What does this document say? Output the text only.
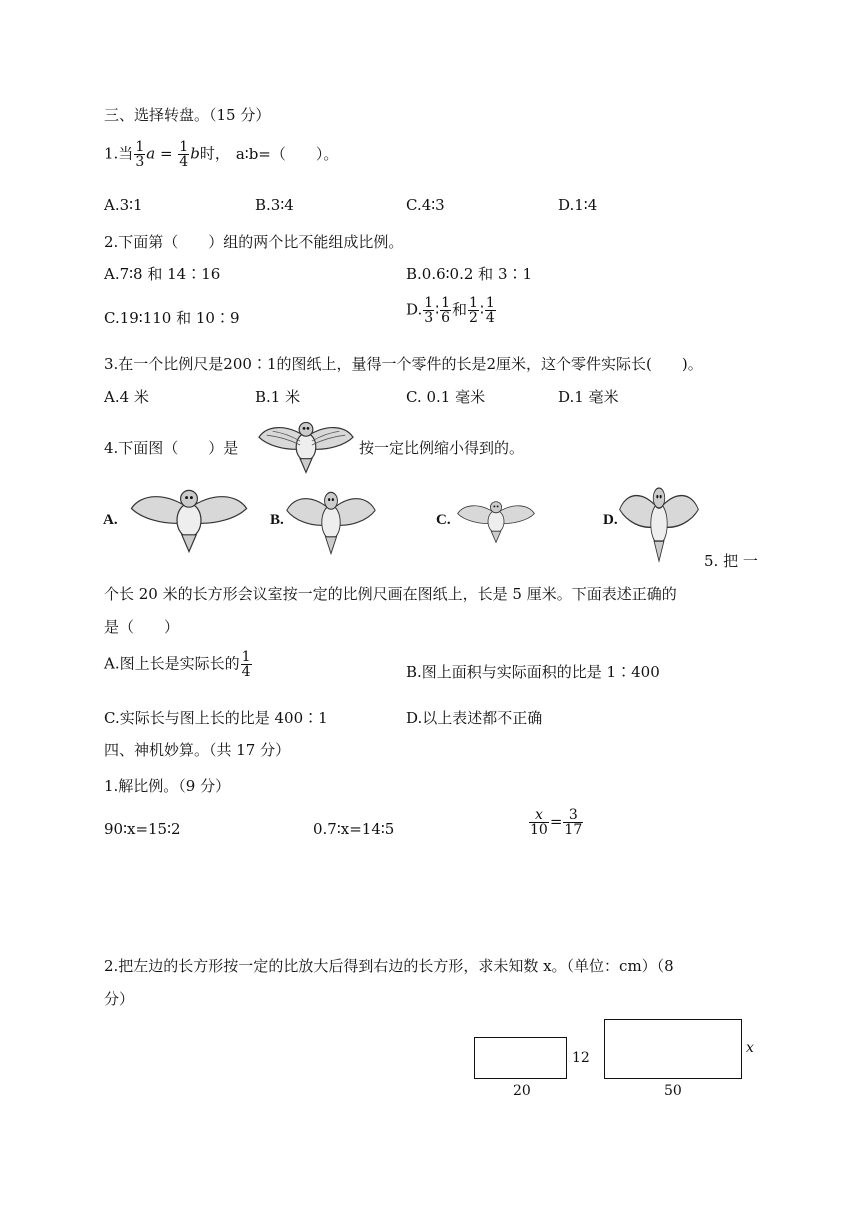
三、选择转盘。（15 分）
1.当 $\frac{1}{3}$ $a = \frac{1}{4}$ b时， a∶b=（　　）。
A.3∶1	B.3∶4	C.4∶3	D.1∶4
2.下面第（　　）组的两个比不能组成比例。
A.7∶8 和 14∶16	B.0.6∶0.2 和 3∶1
C.19∶110 和 10∶9	D. $\frac{1}{3}$ ∶ $\frac{1}{6}$ 和 $\frac{1}{2}$ ∶ $\frac{1}{4}$
3.在一个比例尺是200∶1的图纸上，量得一个零件的长是2厘米，这个零件实际长(　　)。
A.4 米	B.1 米	C. 0.1 毫米	D.1 毫米
4.下面图（　　）是	按一定比例缩小得到的。
A.	B.	C.	D.
5. 把 一
个长 20 米的长方形会议室按一定的比例尺画在图纸上，长是 5 厘米。下面表述正确的
是（　　）
A.图上长是实际长的 $\frac{1}{4}$	B.图上面积与实际面积的比是 1∶400
C.实际长与图上长的比是 400∶1	D.以上表述都不正确
四、神机妙算。（共 17 分）
1.解比例。（9 分）
90∶x=15∶2	0.7∶x=14∶5	$\frac{x}{10} = \frac{3}{17}$
2.把左边的长方形按一定的比放大后得到右边的长方形，求未知数 x。（单位：cm）（8
分）
12
20
x
50
